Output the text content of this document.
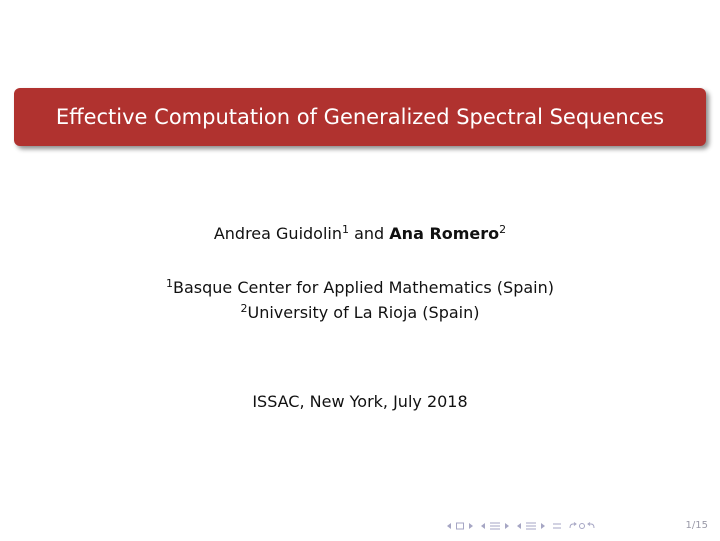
Effective Computation of Generalized Spectral Sequences
Andrea Guidolin$^1$ and Ana Romero$^2$
$^1$Basque Center for Applied Mathematics (Spain)
$^2$University of La Rioja (Spain)
ISSAC, New York, July 2018
1/15
